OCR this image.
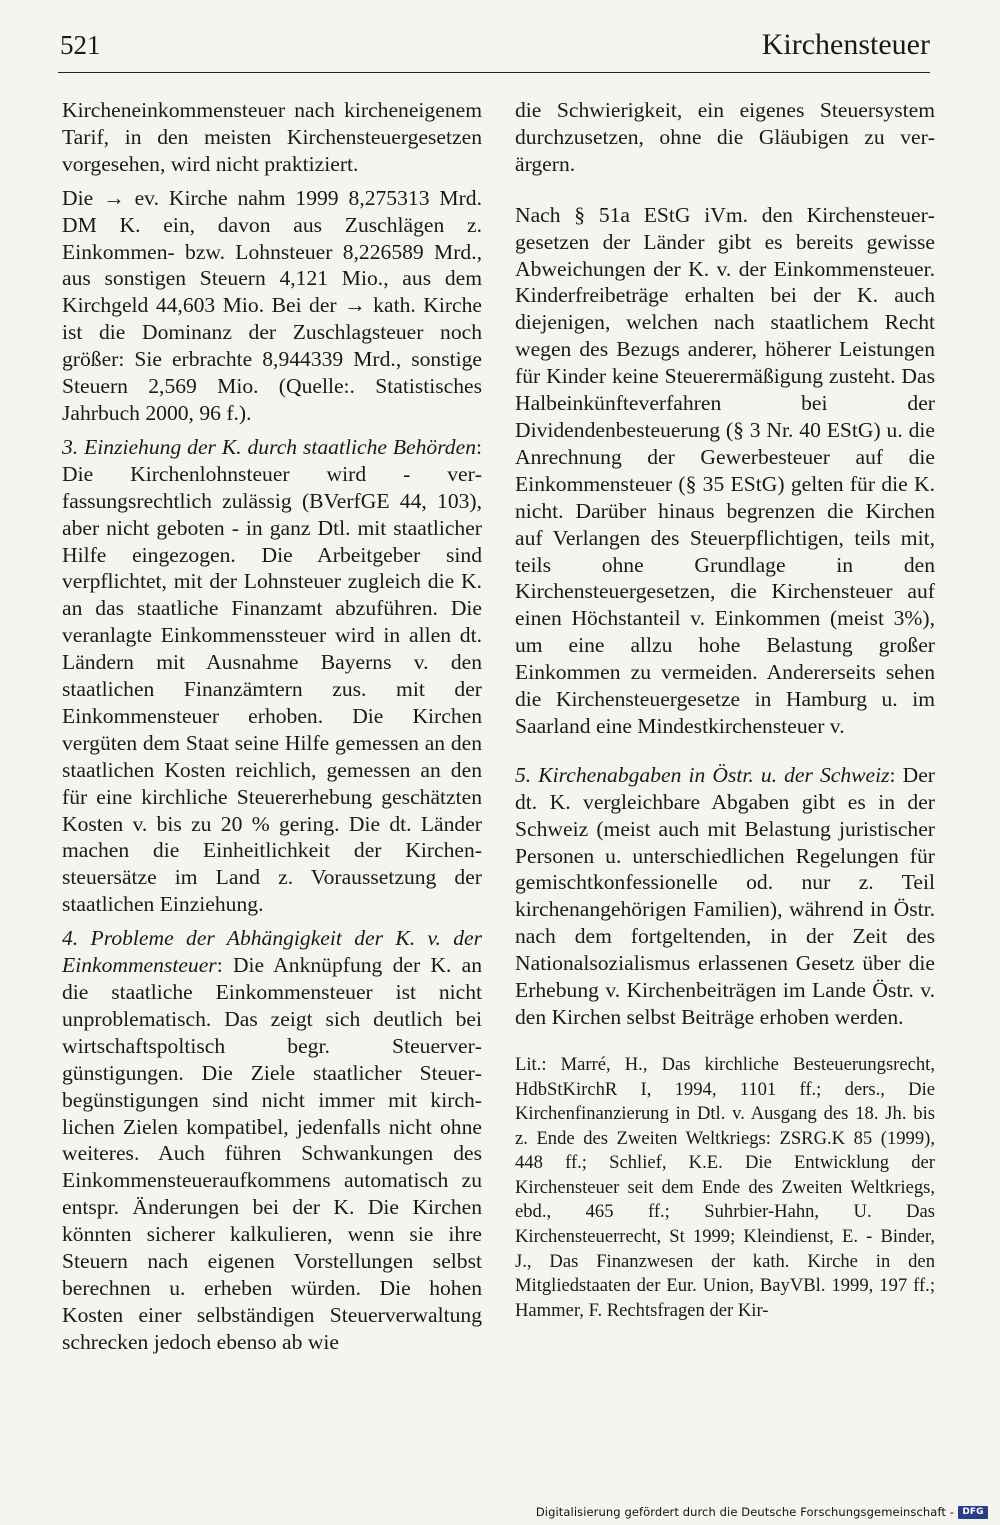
521	Kirchensteuer

Kircheneinkommensteuer nach kircheneigenem Tarif, in den meisten Kirchensteuergesetzen vorgesehen, wird nicht praktiziert.

Die → ev. Kirche nahm 1999 8,275313 Mrd. DM K. ein, davon aus Zuschlägen z. Einkommen- bzw. Lohnsteuer 8,226589 Mrd., aus sonstigen Steuern 4,121 Mio., aus dem Kirchgeld 44,603 Mio. Bei der → kath. Kirche ist die Dominanz der Zuschlagsteuer noch größer: Sie erbrachte 8,944339 Mrd., sonstige Steuern 2,569 Mio. (Quelle:. Statistisches Jahrbuch 2000, 96 f.).

3. Einziehung der K. durch staatliche Behörden: Die Kirchenlohnsteuer wird - verfassungsrechtlich zulässig (BVerfGE 44, 103), aber nicht geboten - in ganz Dtl. mit staatlicher Hilfe eingezogen. Die Arbeitgeber sind verpflichtet, mit der Lohnsteuer zugleich die K. an das staatliche Finanzamt abzuführen. Die veranlagte Einkommenssteuer wird in allen dt. Ländern mit Ausnahme Bayerns v. den staatlichen Finanzämtern zus. mit der Einkommensteuer erhoben. Die Kirchen vergüten dem Staat seine Hilfe gemessen an den staatlichen Kosten reichlich, gemessen an den für eine kirchliche Steuererhebung geschätzten Kosten v. bis zu 20 % gering. Die dt. Länder machen die Einheitlichkeit der Kirchensteuersätze im Land z. Voraussetzung der staatlichen Einziehung.

4. Probleme der Abhängigkeit der K. v. der Einkommensteuer: Die Anknüpfung der K. an die staatliche Einkommensteuer ist nicht unproblematisch. Das zeigt sich deutlich bei wirtschaftspoltisch begr. Steuervergünstigungen. Die Ziele staatlicher Steuerbegünstigungen sind nicht immer mit kirchlichen Zielen kompatibel, jedenfalls nicht ohne weiteres. Auch führen Schwankungen des Einkommensteueraufkommens automatisch zu entspr. Änderungen bei der K. Die Kirchen könnten sicherer kalkulieren, wenn sie ihre Steuern nach eigenen Vorstellungen selbst berechnen u. erheben würden. Die hohen Kosten einer selbständigen Steuerverwaltung schrecken jedoch ebenso ab wie

die Schwierigkeit, ein eigenes Steuersystem durchzusetzen, ohne die Gläubigen zu verärgern.

Nach § 51a EStG iVm. den Kirchensteuergesetzen der Länder gibt es bereits gewisse Abweichungen der K. v. der Einkommensteuer. Kinderfreibeträge erhalten bei der K. auch diejenigen, welchen nach staatlichem Recht wegen des Bezugs anderer, höherer Leistungen für Kinder keine Steuerermäßigung zusteht. Das Halbeinkünfteverfahren bei der Dividendenbesteuerung (§ 3 Nr. 40 EStG) u. die Anrechnung der Gewerbesteuer auf die Einkommensteuer (§ 35 EStG) gelten für die K. nicht. Darüber hinaus begrenzen die Kirchen auf Verlangen des Steuerpflichtigen, teils mit, teils ohne Grundlage in den Kirchensteuergesetzen, die Kirchensteuer auf einen Höchstanteil v. Einkommen (meist 3%), um eine allzu hohe Belastung großer Einkommen zu vermeiden. Andererseits sehen die Kirchensteuergesetze in Hamburg u. im Saarland eine Mindestkirchensteuer v.

5. Kirchenabgaben in Östr. u. der Schweiz: Der dt. K. vergleichbare Abgaben gibt es in der Schweiz (meist auch mit Belastung juristischer Personen u. unterschiedlichen Regelungen für gemischtkonfessionelle od. nur z. Teil kirchenangehörigen Familien), während in Östr. nach dem fortgeltenden, in der Zeit des Nationalsozialismus erlassenen Gesetz über die Erhebung v. Kirchenbeiträgen im Lande Östr. v. den Kirchen selbst Beiträge erhoben werden.

Lit.: Marré, H., Das kirchliche Besteuerungsrecht, HdbStKirchR I, 1994, 1101 ff.; ders., Die Kirchenfinanzierung in Dtl. v. Ausgang des 18. Jh. bis z. Ende des Zweiten Weltkriegs: ZSRG.K 85 (1999), 448 ff.; Schlief, K.E. Die Entwicklung der Kirchensteuer seit dem Ende des Zweiten Weltkriegs, ebd., 465 ff.; Suhrbier-Hahn, U. Das Kirchensteuerrecht, St 1999; Kleindienst, E. - Binder, J., Das Finanzwesen der kath. Kirche in den Mitgliedstaaten der Eur. Union, BayVBl. 1999, 197 ff.; Hammer, F. Rechtsfragen der Kir-

Digitalisierung gefördert durch die Deutsche Forschungsgemeinschaft - DFG
